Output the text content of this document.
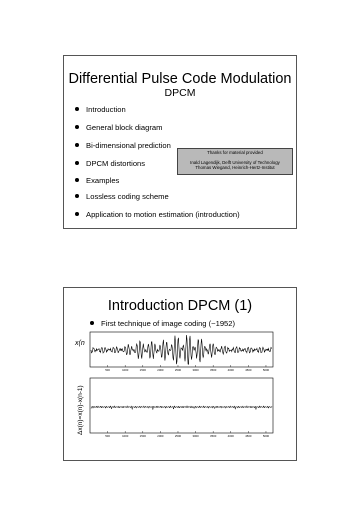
Differential Pulse Code Modulation
DPCM
Introduction
General block diagram
Bi-dimensional prediction
DPCM distortions
Examples
Lossless coding scheme
Application to motion estimation (introduction)
Thanks for material provided
Inald Lagendijk, Delft University of Technology
Thomas Wiegand, Heinrich-Hertz-Institut
Introduction DPCM (1)
First technique of image coding (~1952)
x(n
500	1000	1500	2000	2500	3000	3500	4000	4500	5000
Δx(n)=x(n)-x(n-1)
500	1000	1500	2000	2500	3000	3500	4000	4500	5000
